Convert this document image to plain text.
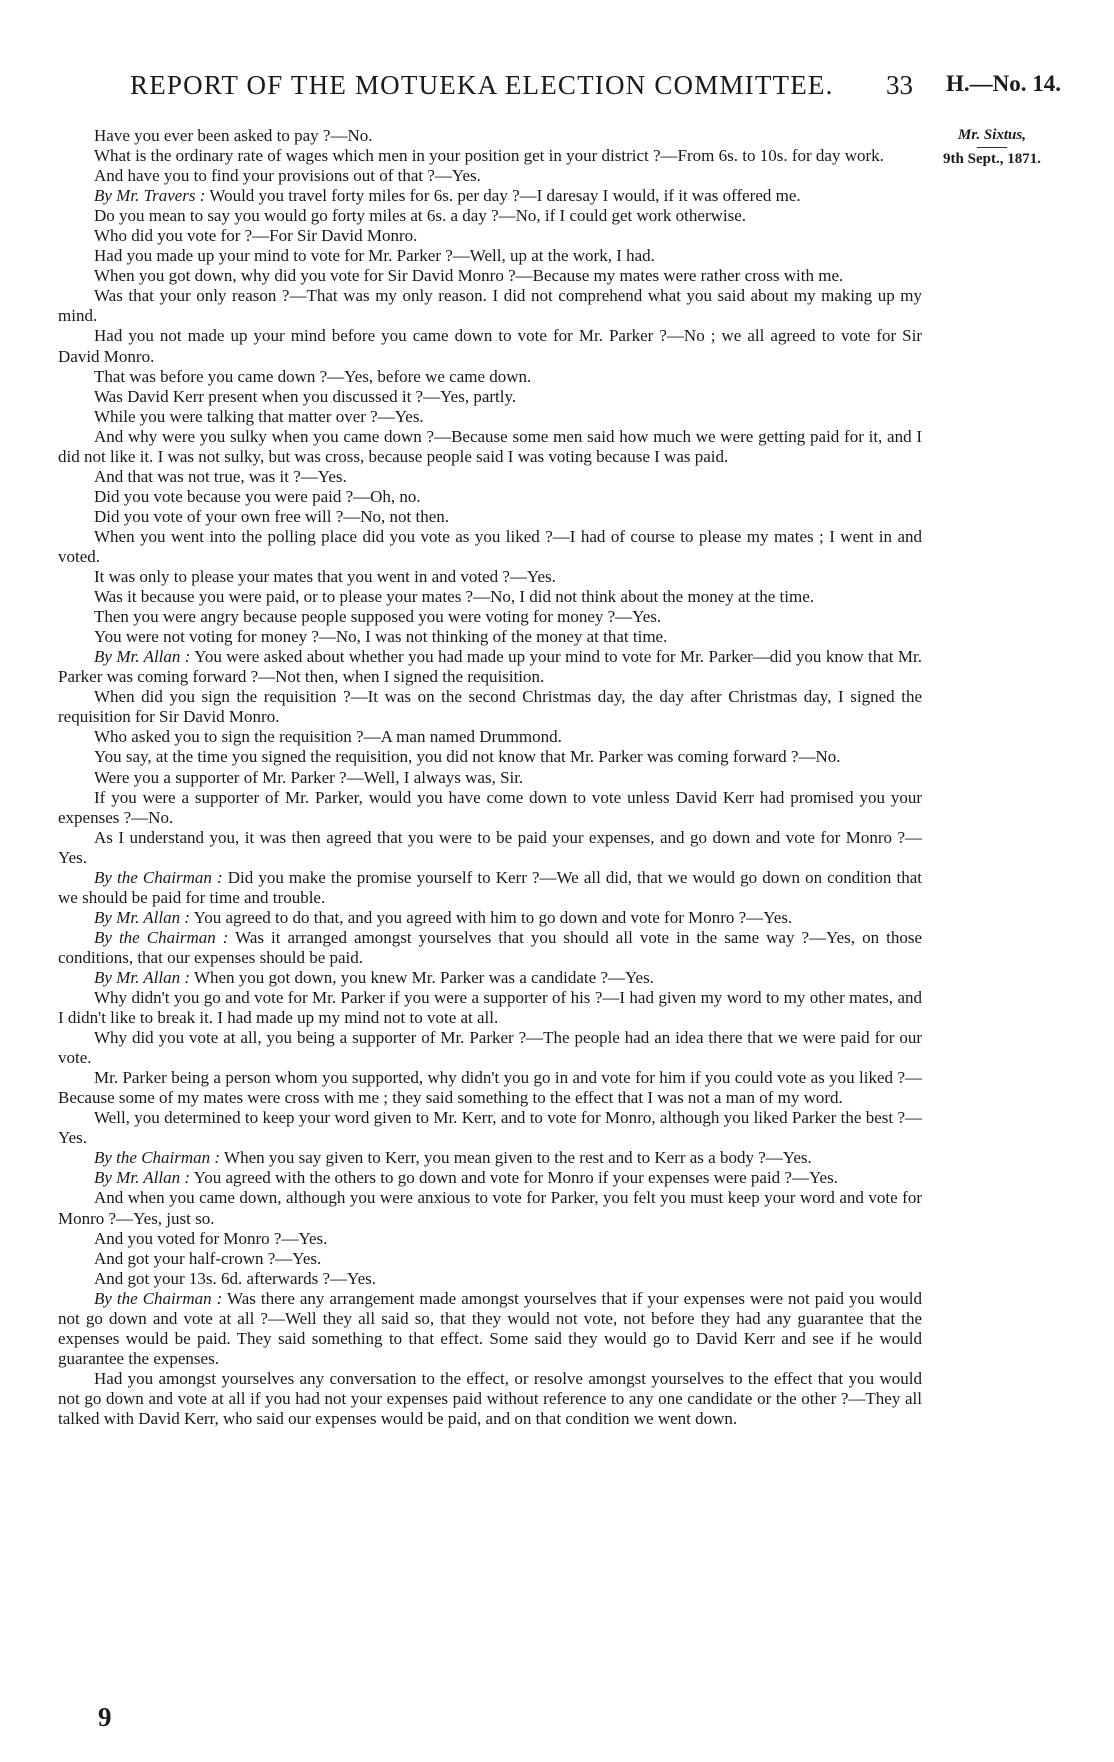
REPORT OF THE MOTUEKA ELECTION COMMITTEE. 33 H.—No. 14.
Mr. Sixtus,
9th Sept., 1871.

Have you ever been asked to pay ?—No.

What is the ordinary rate of wages which men in your position get in your district ?—From 6s. to 10s. for day work.

And have you to find your provisions out of that ?—Yes.

By Mr. Travers : Would you travel forty miles for 6s. per day ?—I daresay I would, if it was offered me.

Do you mean to say you would go forty miles at 6s. a day ?—No, if I could get work otherwise.

Who did you vote for ?—For Sir David Monro.

Had you made up your mind to vote for Mr. Parker ?—Well, up at the work, I had.

When you got down, why did you vote for Sir David Monro ?—Because my mates were rather cross with me.

Was that your only reason ?—That was my only reason. I did not comprehend what you said about my making up my mind.

Had you not made up your mind before you came down to vote for Mr. Parker ?—No ; we all agreed to vote for Sir David Monro.

That was before you came down ?—Yes, before we came down.

Was David Kerr present when you discussed it ?—Yes, partly.

While you were talking that matter over ?—Yes.

And why were you sulky when you came down ?—Because some men said how much we were getting paid for it, and I did not like it. I was not sulky, but was cross, because people said I was voting because I was paid.

And that was not true, was it ?—Yes.

Did you vote because you were paid ?—Oh, no.

Did you vote of your own free will ?—No, not then.

When you went into the polling place did you vote as you liked ?—I had of course to please my mates ; I went in and voted.

It was only to please your mates that you went in and voted ?—Yes.

Was it because you were paid, or to please your mates ?—No, I did not think about the money at the time.

Then you were angry because people supposed you were voting for money ?—Yes.

You were not voting for money ?—No, I was not thinking of the money at that time.

By Mr. Allan : You were asked about whether you had made up your mind to vote for Mr. Parker—did you know that Mr. Parker was coming forward ?—Not then, when I signed the requisition.

When did you sign the requisition ?—It was on the second Christmas day, the day after Christmas day, I signed the requisition for Sir David Monro.

Who asked you to sign the requisition ?—A man named Drummond.

You say, at the time you signed the requisition, you did not know that Mr. Parker was coming forward ?—No.

Were you a supporter of Mr. Parker ?—Well, I always was, Sir.

If you were a supporter of Mr. Parker, would you have come down to vote unless David Kerr had promised you your expenses ?—No.

As I understand you, it was then agreed that you were to be paid your expenses, and go down and vote for Monro ?—Yes.

By the Chairman : Did you make the promise yourself to Kerr ?—We all did, that we would go down on condition that we should be paid for time and trouble.

By Mr. Allan : You agreed to do that, and you agreed with him to go down and vote for Monro ?—Yes.

By the Chairman : Was it arranged amongst yourselves that you should all vote in the same way ?—Yes, on those conditions, that our expenses should be paid.

By Mr. Allan : When you got down, you knew Mr. Parker was a candidate ?—Yes.

Why didn't you go and vote for Mr. Parker if you were a supporter of his ?—I had given my word to my other mates, and I didn't like to break it. I had made up my mind not to vote at all.

Why did you vote at all, you being a supporter of Mr. Parker ?—The people had an idea there that we were paid for our vote.

Mr. Parker being a person whom you supported, why didn't you go in and vote for him if you could vote as you liked ?—Because some of my mates were cross with me ; they said something to the effect that I was not a man of my word.

Well, you determined to keep your word given to Mr. Kerr, and to vote for Monro, although you liked Parker the best ?—Yes.

By the Chairman : When you say given to Kerr, you mean given to the rest and to Kerr as a body ?—Yes.

By Mr. Allan : You agreed with the others to go down and vote for Monro if your expenses were paid ?—Yes.

And when you came down, although you were anxious to vote for Parker, you felt you must keep your word and vote for Monro ?—Yes, just so.

And you voted for Monro ?—Yes.

And got your half-crown ?—Yes.

And got your 13s. 6d. afterwards ?—Yes.

By the Chairman : Was there any arrangement made amongst yourselves that if your expenses were not paid you would not go down and vote at all ?—Well they all said so, that they would not vote, not before they had any guarantee that the expenses would be paid. They said something to that effect. Some said they would go to David Kerr and see if he would guarantee the expenses.

Had you amongst yourselves any conversation to the effect, or resolve amongst yourselves to the effect that you would not go down and vote at all if you had not your expenses paid without reference to any one candidate or the other ?—They all talked with David Kerr, who said our expenses would be paid, and on that condition we went down.

9
